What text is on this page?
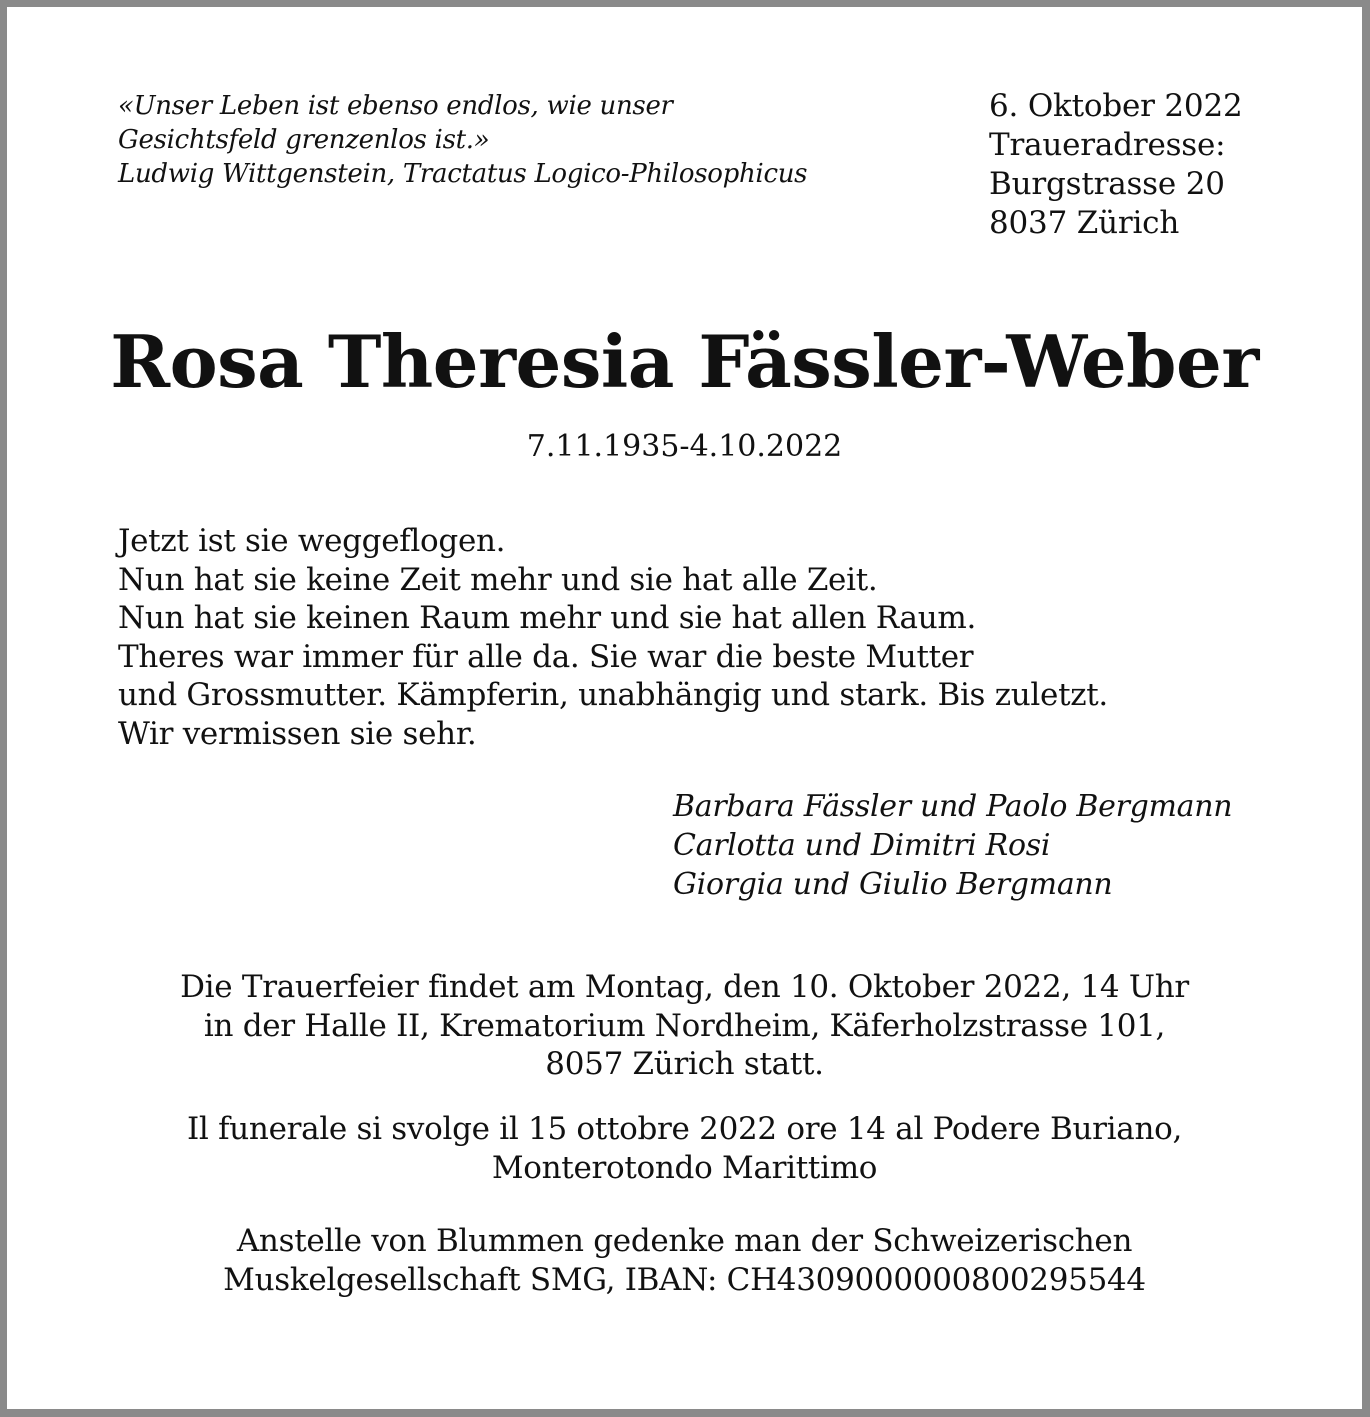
«Unser Leben ist ebenso endlos, wie unser
Gesichtsfeld grenzenlos ist.»
Ludwig Wittgenstein, Tractatus Logico-Philosophicus
6. Oktober 2022
Traueradresse:
Burgstrasse 20
8037 Zürich
Rosa Theresia Fässler-Weber
7.11.1935-4.10.2022
Jetzt ist sie weggeflogen.
Nun hat sie keine Zeit mehr und sie hat alle Zeit.
Nun hat sie keinen Raum mehr und sie hat allen Raum.
Theres war immer für alle da. Sie war die beste Mutter
und Grossmutter. Kämpferin, unabhängig und stark. Bis zuletzt.
Wir vermissen sie sehr.
Barbara Fässler und Paolo Bergmann
Carlotta und Dimitri Rosi
Giorgia und Giulio Bergmann
Die Trauerfeier findet am Montag, den 10. Oktober 2022, 14 Uhr
in der Halle II, Krematorium Nordheim, Käferholzstrasse 101,
8057 Zürich statt.
Il funerale si svolge il 15 ottobre 2022 ore 14 al Podere Buriano,
Monterotondo Marittimo
Anstelle von Blummen gedenke man der Schweizerischen
Muskelgesellschaft SMG, IBAN: CH4309000000800295544
